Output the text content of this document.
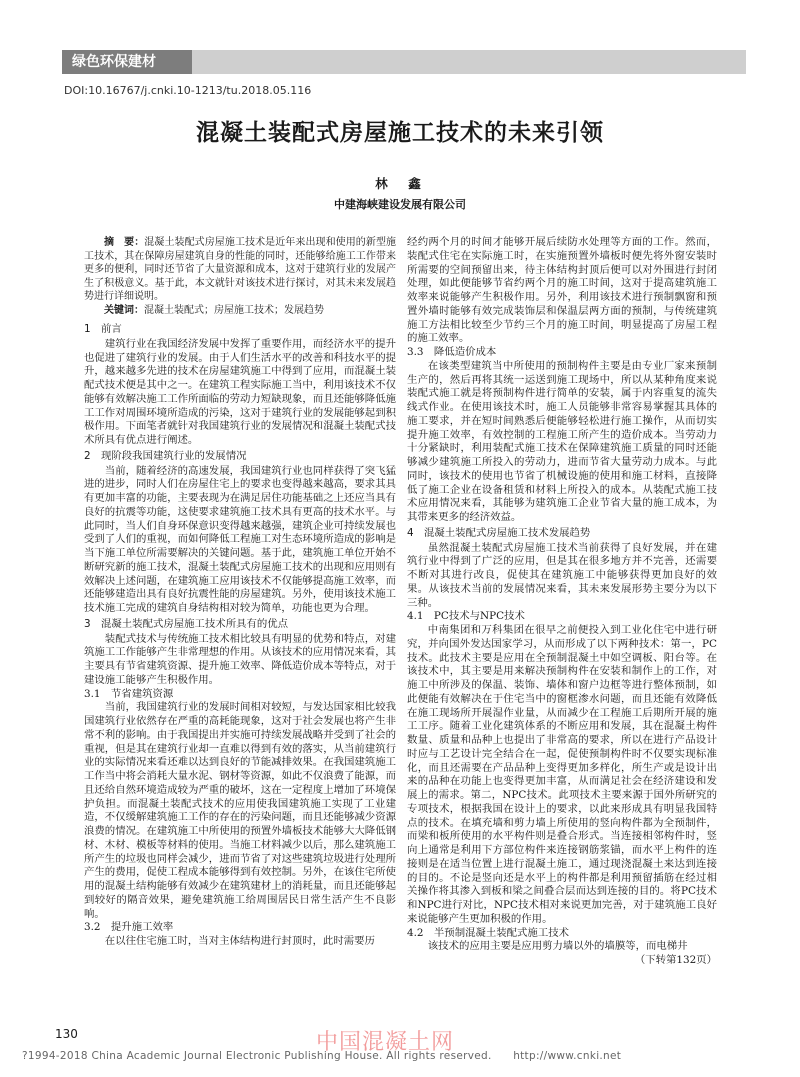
绿色环保建材
DOI:10.16767/j.cnki.10-1213/tu.2018.05.116
混凝土装配式房屋施工技术的未来引领
林　鑫
中建海峡建设发展有限公司

摘　要：混凝土装配式房屋施工技术是近年来出现和使用的新型施工技术，其在保障房屋建筑自身的性能的同时，还能够给施工工作带来更多的便利，同时还节省了大量资源和成本，这对于建筑行业的发展产生了积极意义。基于此，本文就针对该技术进行探讨，对其未来发展趋势进行详细说明。

关键词：混凝土装配式；房屋施工技术；发展趋势

1　前言

建筑行业在我国经济发展中发挥了重要作用，而经济水平的提升也促进了建筑行业的发展。由于人们生活水平的改善和科技水平的提升，越来越多先进的技术在房屋建筑施工中得到了应用，而混凝土装配式技术便是其中之一。在建筑工程实际施工当中，利用该技术不仅能够有效解决施工工作所面临的劳动力短缺现象，而且还能够降低施工工作对周围环境所造成的污染，这对于建筑行业的发展能够起到积极作用。下面笔者就针对我国建筑行业的发展情况和混凝土装配式技术所具有优点进行阐述。

2　现阶段我国建筑行业的发展情况

当前，随着经济的高速发展，我国建筑行业也同样获得了突飞猛进的进步，同时人们在房屋住宅上的要求也变得越来越高，要求其具有更加丰富的功能，主要表现为在满足居住功能基础之上还应当具有良好的抗震等功能，这使要求建筑施工技术具有更高的技术水平。与此同时，当人们自身环保意识变得越来越强，建筑企业可持续发展也受到了人们的重视，而如何降低工程施工对生态环境所造成的影响是当下施工单位所需要解决的关键问题。基于此，建筑施工单位开始不断研究新的施工技术，混凝土装配式房屋施工技术的出现和应用则有效解决上述问题，在建筑施工应用该技术不仅能够提高施工效率，而还能够建造出具有良好抗震性能的房屋建筑。另外，使用该技术施工技术施工完成的建筑自身结构相对较为简单，功能也更为合理。

3　混凝土装配式房屋施工技术所具有的优点

装配式技术与传统施工技术相比较具有明显的优势和特点，对建筑施工工作能够产生非常理想的作用。从该技术的应用情况来看，其主要具有节省建筑资源、提升施工效率、降低造价成本等特点，对于建设施工能够产生积极作用。

3.1　节省建筑资源

当前，我国建筑行业的发展时间相对较短，与发达国家相比较我国建筑行业依然存在严重的高耗能现象，这对于社会发展也将产生非常不利的影响。由于我国提出并实施可持续发展战略并受到了社会的重视，但是其在建筑行业却一直难以得到有效的落实，从当前建筑行业的实际情况来看还难以达到良好的节能减排效果。在我国建筑施工工作当中将会消耗大量水泥、钢材等资源，如此不仅浪费了能源，而且还给自然环境造成较为严重的破坏，这在一定程度上增加了环境保护负担。而混凝土装配式技术的应用使我国建筑施工实现了工业建造，不仅缓解建筑施工工作的存在的污染问题，而且还能够减少资源浪费的情况。在建筑施工中所使用的预置外墙板技术能够大大降低钢材、木材、模板等材料的使用。当施工材料减少以后，那么建筑施工所产生的垃圾也同样会减少，进而节省了对这些建筑垃圾进行处理所产生的费用，促使工程成本能够得到有效控制。另外，在该住宅所使用的混凝土结构能够有效减少在建筑建材上的消耗量，而且还能够起到较好的隔音效果，避免建筑施工给周围居民日常生活产生不良影响。

3.2　提升施工效率

在以往住宅施工时，当对主体结构进行封顶时，此时需要历

经约两个月的时间才能够开展后续防水处理等方面的工作。然而，装配式住宅在实际施工时，在实施预置外墙板时便先将外窗安装时所需要的空间预留出来，待主体结构封顶后便可以对外围进行封闭处理，如此便能够节省约两个月的施工时间，这对于提高建筑施工效率来说能够产生积极作用。另外，利用该技术进行预制飘窗和预置外墙时能够有效完成装饰层和保温层两方面的预制，与传统建筑施工方法相比较至少节约三个月的施工时间，明显提高了房屋工程的施工效率。

3.3　降低造价成本

在该类型建筑当中所使用的预制构件主要是由专业厂家来预制生产的，然后再将其统一运送到施工现场中，所以从某种角度来说装配式施工就是将预制构件进行简单的安装，属于内容重复的流失线式作业。在使用该技术时，施工人员能够非常容易掌握其具体的施工要求，并在短时间熟悉后便能够轻松进行施工操作，从而切实提升施工效率，有效控制的工程施工所产生的造价成本。当劳动力十分紧缺时，利用装配式施工技术在保障建筑施工质量的同时还能够减少建筑施工所投入的劳动力，进而节省大量劳动力成本。与此同时，该技术的使用也节省了机械设施的使用和施工材料，直接降低了施工企业在设备租赁和材料上所投入的成本。从装配式施工技术应用情况来看，其能够为建筑施工企业节省大量的施工成本，为其带来更多的经济效益。

4　混凝土装配式房屋施工技术发展趋势

虽然混凝土装配式房屋施工技术当前获得了良好发展，并在建筑行业中得到了广泛的应用，但是其在很多地方并不完善，还需要不断对其进行改良，促使其在建筑施工中能够获得更加良好的效果。从该技术当前的发展情况来看，其未来发展形势主要分为以下三种。

4.1　PC技术与NPC技术

中南集团和万科集团在很早之前便投入到工业化住宅中进行研究，并向国外发达国家学习，从而形成了以下两种技术：第一，PC技术。此技术主要是应用在全预制混凝土中如空调板、阳台等。在该技术中，其主要是用来解决预制构件在安装和制作上的工作，对施工中所涉及的保温、装饰、墙体和窗户边框等进行整体预制，如此便能有效解决在于住宅当中的窗框渗水问题，而且还能有效降低在施工现场所开展湿作业量，从而减少在工程施工后期所开展的施工工序。随着工业化建筑体系的不断应用和发展，其在混凝土构件数量、质量和品种上也提出了非常高的要求，所以在进行产品设计时应与工艺设计完全结合在一起，促使预制构件时不仅要实现标准化，而且还需要在产品品种上变得更加多样化，所生产或是设计出来的品种在功能上也变得更加丰富，从而满足社会在经济建设和发展上的需求。第二，NPC技术。此项技术主要来源于国外所研究的专项技术，根据我国在设计上的要求，以此来形成具有明显我国特点的技术。在填充墙和剪力墙上所使用的竖向构件都为全预制件，而梁和板所使用的水平构件则是叠合形式。当连接相邻构件时，竖向上通常是利用下方部位构件来连接钢筋浆锚，而水平上构件的连接则是在适当位置上进行混凝土施工，通过现浇混凝土来达到连接的目的。不论是竖向还是水平上的构件都是利用预留插筋在经过相关操作将其渗入到板和梁之间叠合层而达到连接的目的。将PC技术和NPC进行对比，NPC技术相对来说更加完善，对于建筑施工良好来说能够产生更加积极的作用。

4.2　半预制混凝土装配式施工技术

该技术的应用主要是应用剪力墙以外的墙膜等，而电梯井

（下转第132页）
130	中国混凝土网
?1994-2018 China Academic Journal Electronic Publishing House. All rights reserved.　　http://www.cnki.net
